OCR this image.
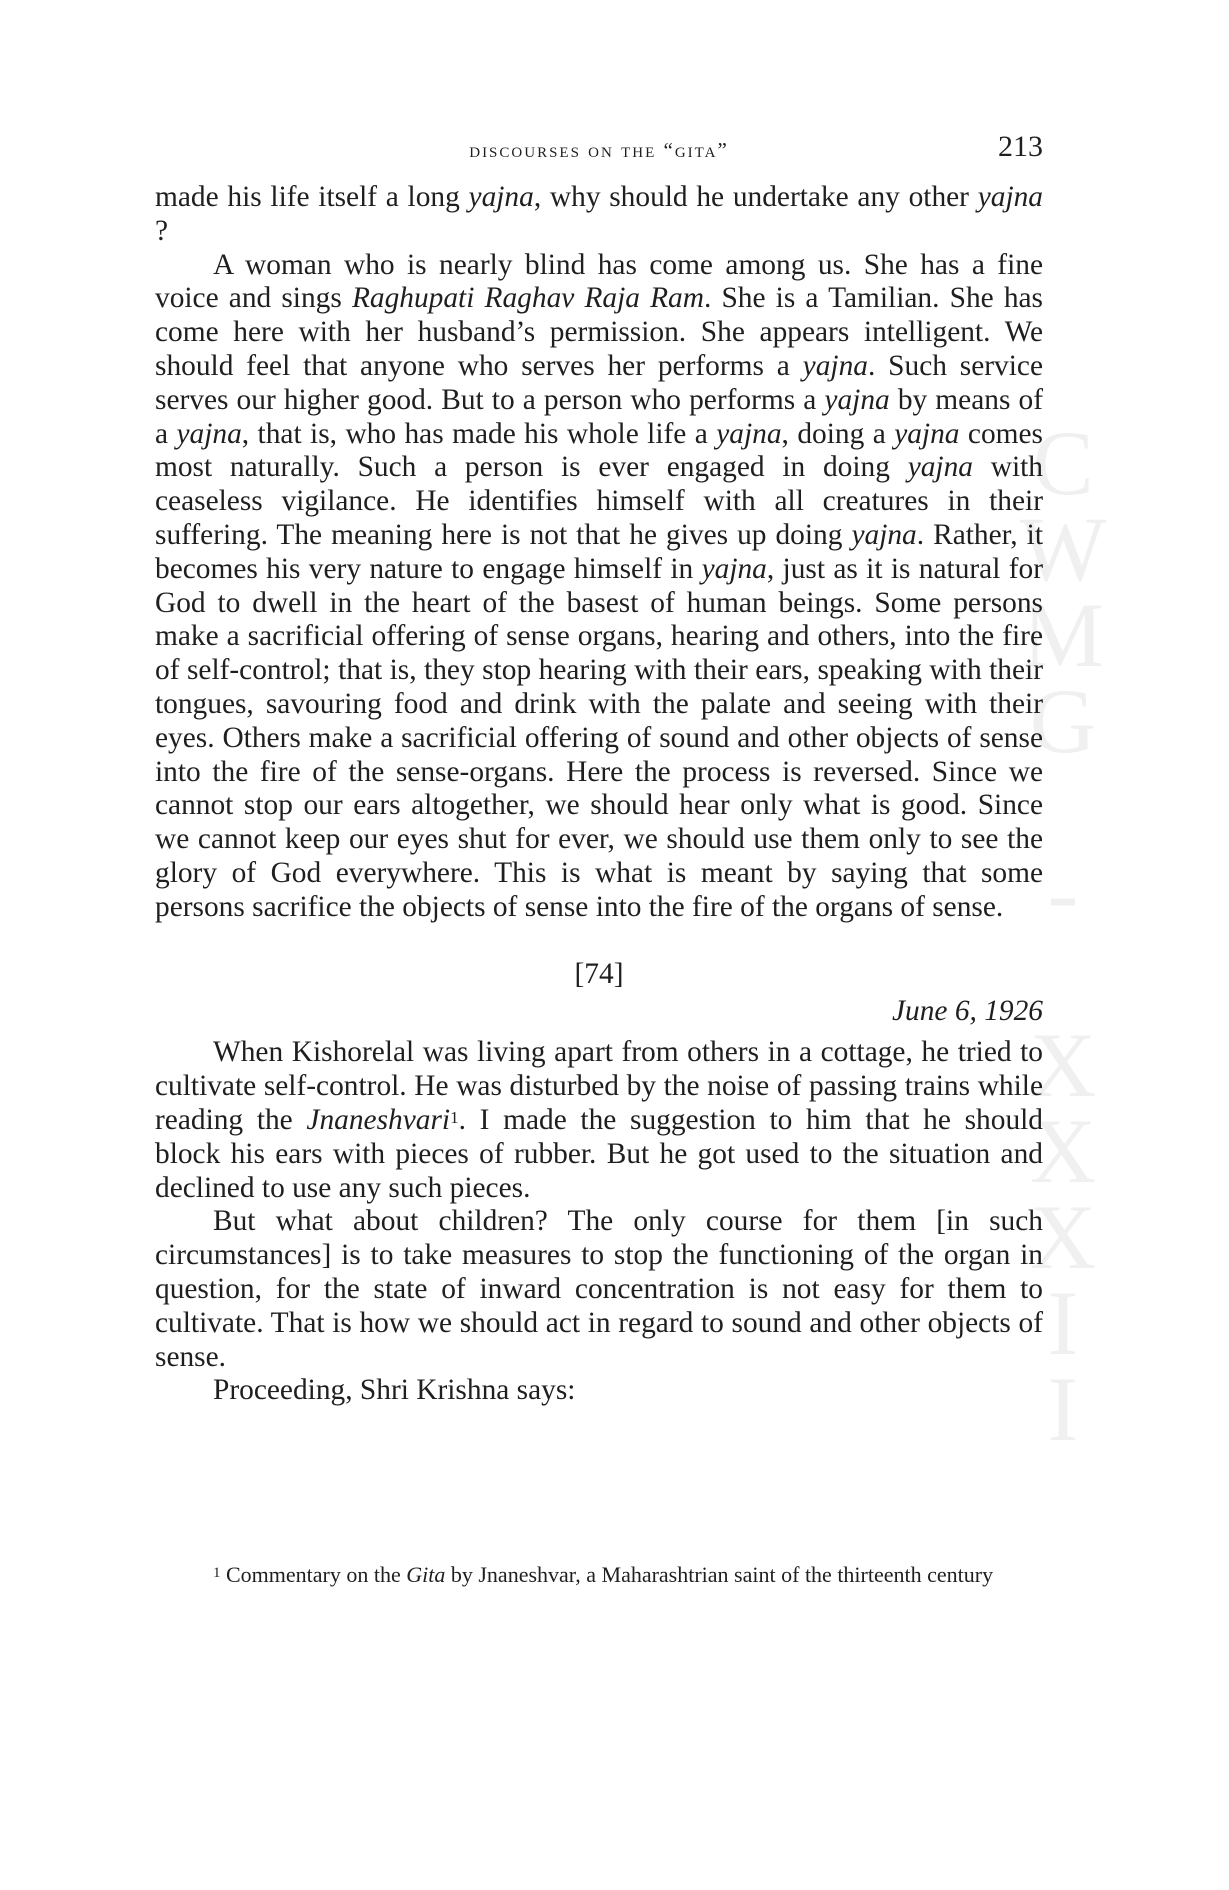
C
W
M
G

-

X
X
X
I
I
discourses on the “gita”	213

made his life itself a long yajna, why should he undertake any other yajna ?

A woman who is nearly blind has come among us. She has a fine voice and sings Raghupati Raghav Raja Ram. She is a Tamilian. She has come here with her husband’s permission. She appears intelligent. We should feel that anyone who serves her performs a yajna. Such service serves our higher good. But to a person who performs a yajna by means of a yajna, that is, who has made his whole life a yajna, doing a yajna comes most naturally. Such a person is ever engaged in doing yajna with ceaseless vigilance. He identifies himself with all creatures in their suffering. The meaning here is not that he gives up doing yajna. Rather, it becomes his very nature to engage himself in yajna, just as it is natural for God to dwell in the heart of the basest of human beings. Some persons make a sacrificial offering of sense organs, hearing and others, into the fire of self-control; that is, they stop hearing with their ears, speaking with their tongues, savouring food and drink with the palate and seeing with their eyes. Others make a sacrificial offering of sound and other objects of sense into the fire of the sense-organs. Here the process is reversed. Since we cannot stop our ears altogether, we should hear only what is good. Since we cannot keep our eyes shut for ever, we should use them only to see the glory of God everywhere. This is what is meant by saying that some persons sacrifice the objects of sense into the fire of the organs of sense.

[74]

June 6, 1926

When Kishorelal was living apart from others in a cottage, he tried to cultivate self-control. He was disturbed by the noise of passing trains while reading the Jnaneshvari$^1$. I made the suggestion to him that he should block his ears with pieces of rubber. But he got used to the situation and declined to use any such pieces.

But what about children? The only course for them [in such circumstances] is to take measures to stop the functioning of the organ in question, for the state of inward concentration is not easy for them to cultivate. That is how we should act in regard to sound and other objects of sense.

Proceeding, Shri Krishna says:

$^1$ Commentary on the Gita by Jnaneshvar, a Maharashtrian saint of the thirteenth century
